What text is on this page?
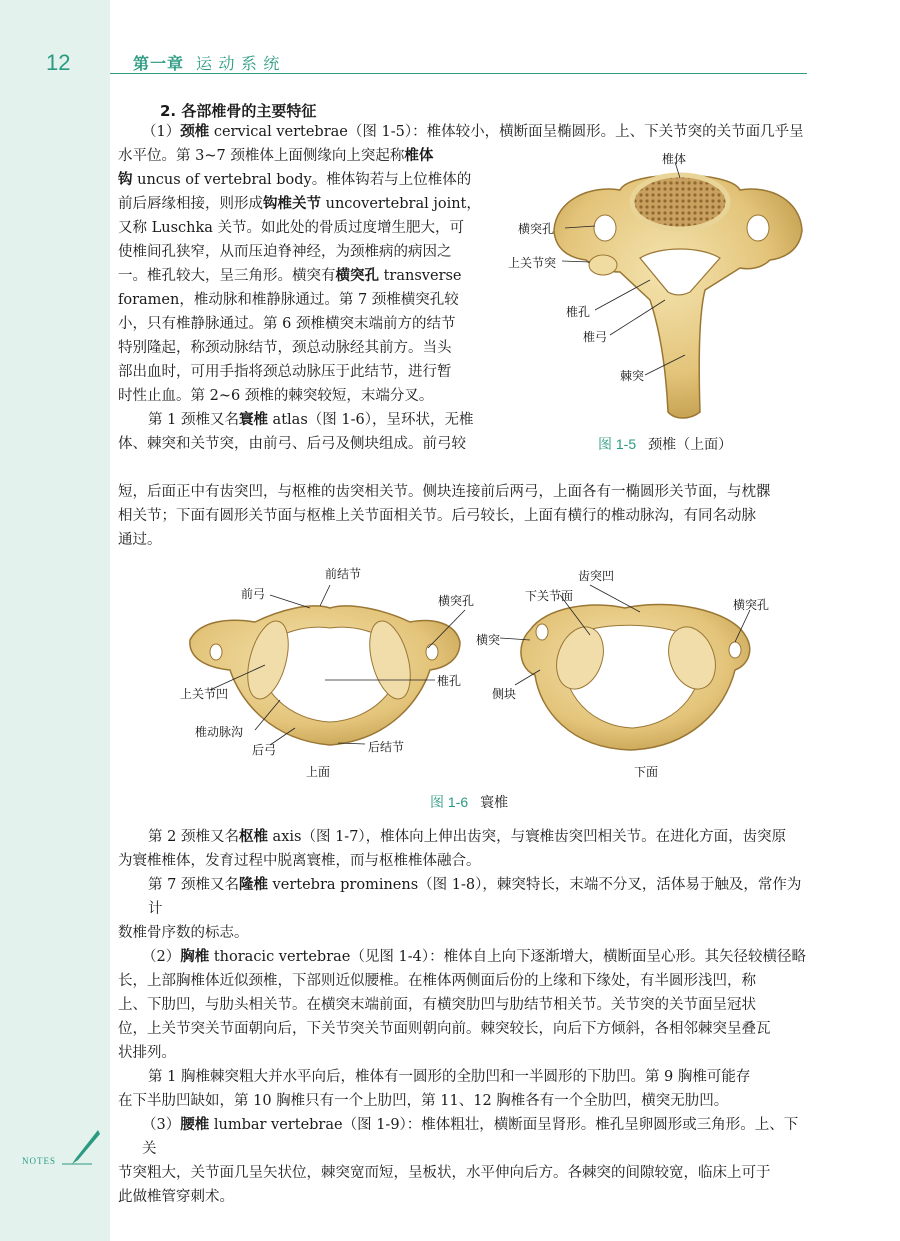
12	第一章 运 动 系 统
2. 各部椎骨的主要特征
（1）颈椎 cervical vertebrae（图 1-5）：椎体较小，横断面呈椭圆形。上、下关节突的关节面几乎呈
水平位。第 3~7 颈椎体上面侧缘向上突起称椎体
钩 uncus of vertebral body。椎体钩若与上位椎体的
前后唇缘相接，则形成钩椎关节 uncovertebral joint，
又称 Luschka 关节。如此处的骨质过度增生肥大，可
使椎间孔狭窄，从而压迫脊神经，为颈椎病的病因之
一。椎孔较大，呈三角形。横突有横突孔 transverse
foramen，椎动脉和椎静脉通过。第 7 颈椎横突孔较
小，只有椎静脉通过。第 6 颈椎横突末端前方的结节
特别隆起，称颈动脉结节，颈总动脉经其前方。当头
部出血时，可用手指将颈总动脉压于此结节，进行暂
时性止血。第 2~6 颈椎的棘突较短，末端分叉。
第 1 颈椎又名寰椎 atlas（图 1-6），呈环状，无椎
体、棘突和关节突，由前弓、后弓及侧块组成。前弓较
短，后面正中有齿突凹，与枢椎的齿突相关节。侧块连接前后两弓，上面各有一椭圆形关节面，与枕髁
相关节；下面有圆形关节面与枢椎上关节面相关节。后弓较长，上面有横行的椎动脉沟，有同名动脉
通过。
椎体
横突孔
上关节突
椎孔
椎弓
棘突
图 1-5 颈椎（上面）
前结节
前弓	横突孔
上关节凹
椎动脉沟
后弓	后结节
椎孔
上面
齿突凹
下关节面
横突孔
横突
侧块
下面
图 1-6 寰椎
第 2 颈椎又名枢椎 axis（图 1-7），椎体向上伸出齿突，与寰椎齿突凹相关节。在进化方面，齿突原
为寰椎椎体，发育过程中脱离寰椎，而与枢椎椎体融合。
第 7 颈椎又名隆椎 vertebra prominens（图 1-8），棘突特长，末端不分叉，活体易于触及，常作为计
数椎骨序数的标志。
（2）胸椎 thoracic vertebrae（见图 1-4）：椎体自上向下逐渐增大，横断面呈心形。其矢径较横径略
长，上部胸椎体近似颈椎，下部则近似腰椎。在椎体两侧面后份的上缘和下缘处，有半圆形浅凹，称
上、下肋凹，与肋头相关节。在横突末端前面，有横突肋凹与肋结节相关节。关节突的关节面呈冠状
位，上关节突关节面朝向后，下关节突关节面则朝向前。棘突较长，向后下方倾斜，各相邻棘突呈叠瓦
状排列。
第 1 胸椎棘突粗大并水平向后，椎体有一圆形的全肋凹和一半圆形的下肋凹。第 9 胸椎可能存
在下半肋凹缺如，第 10 胸椎只有一个上肋凹，第 11、12 胸椎各有一个全肋凹，横突无肋凹。
（3）腰椎 lumbar vertebrae（图 1-9）：椎体粗壮，横断面呈肾形。椎孔呈卵圆形或三角形。上、下关
节突粗大，关节面几呈矢状位，棘突宽而短，呈板状，水平伸向后方。各棘突的间隙较宽，临床上可于
此做椎管穿刺术。
NOTES
